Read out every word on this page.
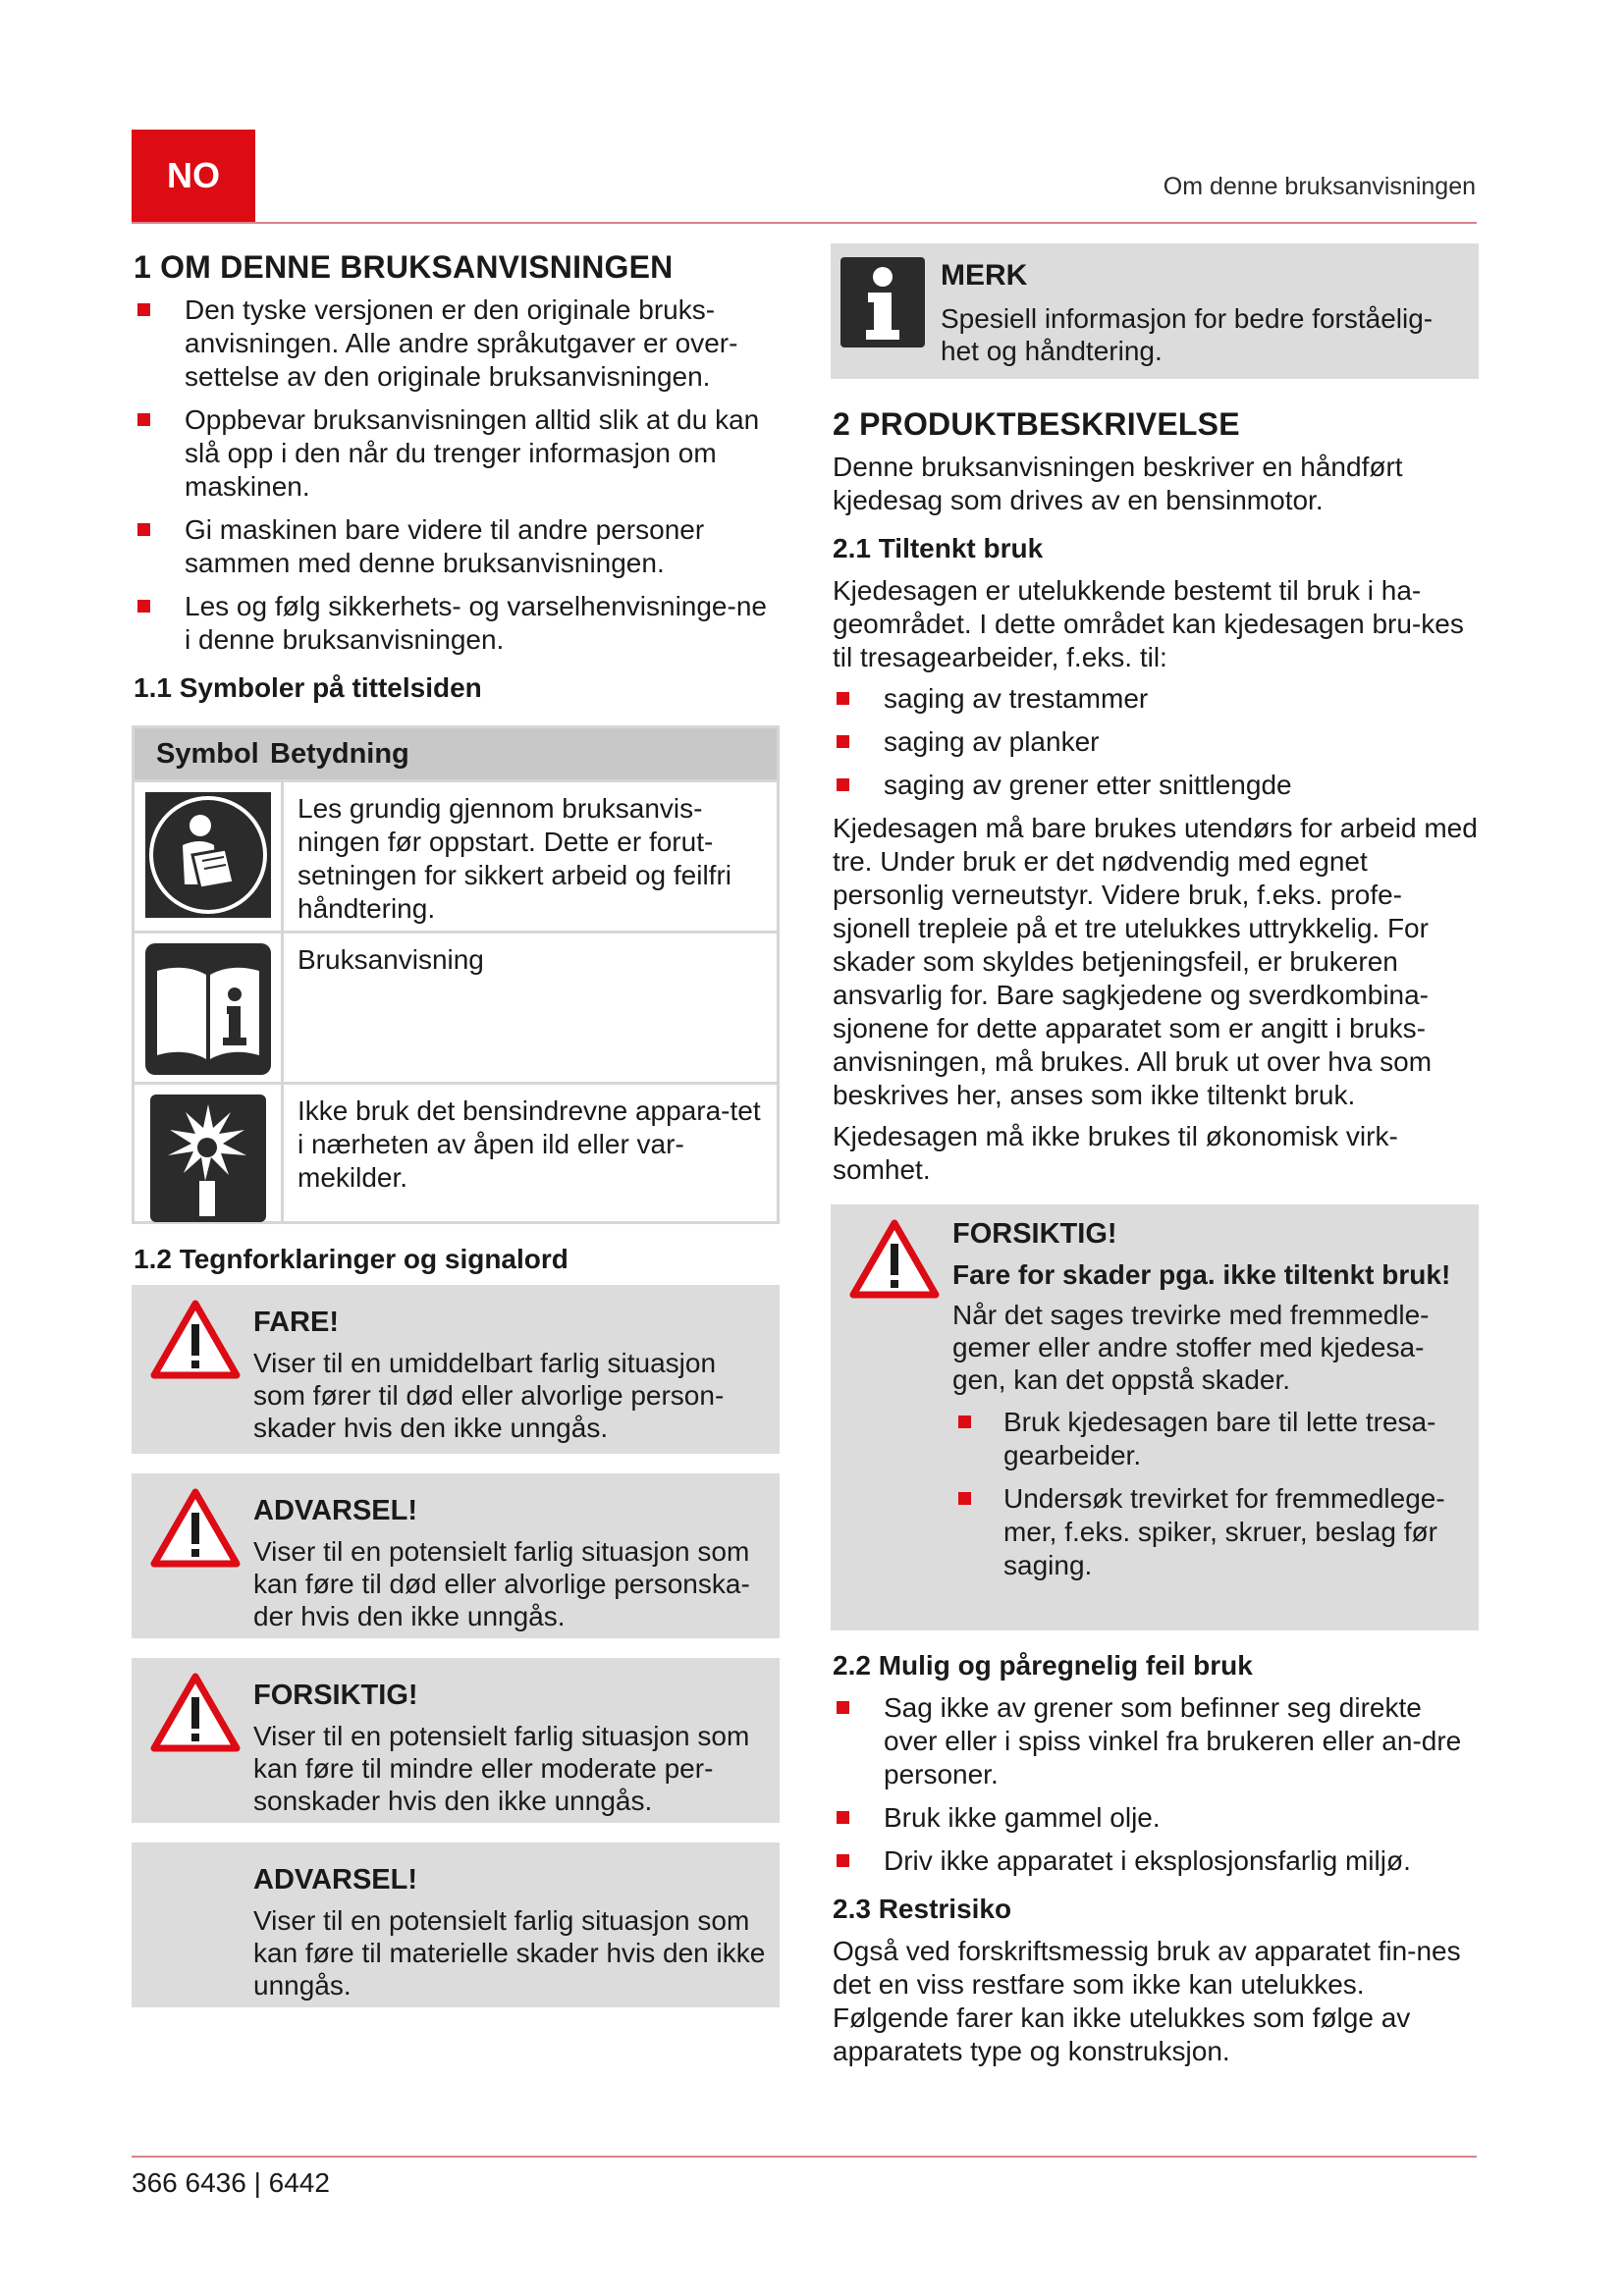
NO	Om denne bruksanvisningen
1 OM DENNE BRUKSANVISNINGEN
Den tyske versjonen er den originale bruks-anvisningen. Alle andre språkutgaver er over-settelse av den originale bruksanvisningen.
Oppbevar bruksanvisningen alltid slik at du kan slå opp i den når du trenger informasjon om maskinen.
Gi maskinen bare videre til andre personer sammen med denne bruksanvisningen.
Les og følg sikkerhets- og varselhenvisninge-ne i denne bruksanvisningen.
1.1 Symboler på tittelsiden
Symbol Betydning
Les grundig gjennom bruksanvis-ningen før oppstart. Dette er forut-setningen for sikkert arbeid og feilfri håndtering.
Bruksanvisning
Ikke bruk det bensindrevne appara-tet i nærheten av åpen ild eller var-mekilder.
1.2 Tegnforklaringer og signalord
FARE!
Viser til en umiddelbart farlig situasjon som fører til død eller alvorlige person-skader hvis den ikke unngås.
ADVARSEL!
Viser til en potensielt farlig situasjon som kan føre til død eller alvorlige personska-der hvis den ikke unngås.
FORSIKTIG!
Viser til en potensielt farlig situasjon som kan føre til mindre eller moderate per-sonskader hvis den ikke unngås.
ADVARSEL!
Viser til en potensielt farlig situasjon som kan føre til materielle skader hvis den ikke unngås.
MERK
Spesiell informasjon for bedre forståelig-het og håndtering.
2 PRODUKTBESKRIVELSE

Denne bruksanvisningen beskriver en håndført kjedesag som drives av en bensinmotor.

2.1 Tiltenkt bruk

Kjedesagen er utelukkende bestemt til bruk i ha-geområdet. I dette området kan kjedesagen bru-kes til tresagearbeider, f.eks. til:

saging av trestammer
saging av planker
saging av grener etter snittlengde

Kjedesagen må bare brukes utendørs for arbeid med tre. Under bruk er det nødvendig med egnet personlig verneutstyr. Videre bruk, f.eks. profe-sjonell trepleie på et tre utelukkes uttrykkelig. For skader som skyldes betjeningsfeil, er brukeren ansvarlig for. Bare sagkjedene og sverdkombina-sjonene for dette apparatet som er angitt i bruks-anvisningen, må brukes. All bruk ut over hva som beskrives her, anses som ikke tiltenkt bruk.

Kjedesagen må ikke brukes til økonomisk virk-somhet.

FORSIKTIG!
Fare for skader pga. ikke tiltenkt bruk!
Når det sages trevirke med fremmedle-gemer eller andre stoffer med kjedesa-gen, kan det oppstå skader.
Bruk kjedesagen bare til lette tresa-gearbeider.
Undersøk trevirket for fremmedlege-mer, f.eks. spiker, skruer, beslag før saging.
2.2 Mulig og påregnelig feil bruk
Sag ikke av grener som befinner seg direkte over eller i spiss vinkel fra brukeren eller an-dre personer.
Bruk ikke gammel olje.
Driv ikke apparatet i eksplosjonsfarlig miljø.
2.3 Restrisiko

Også ved forskriftsmessig bruk av apparatet fin-nes det en viss restfare som ikke kan utelukkes. Følgende farer kan ikke utelukkes som følge av apparatets type og konstruksjon.

366 6436 | 6442
